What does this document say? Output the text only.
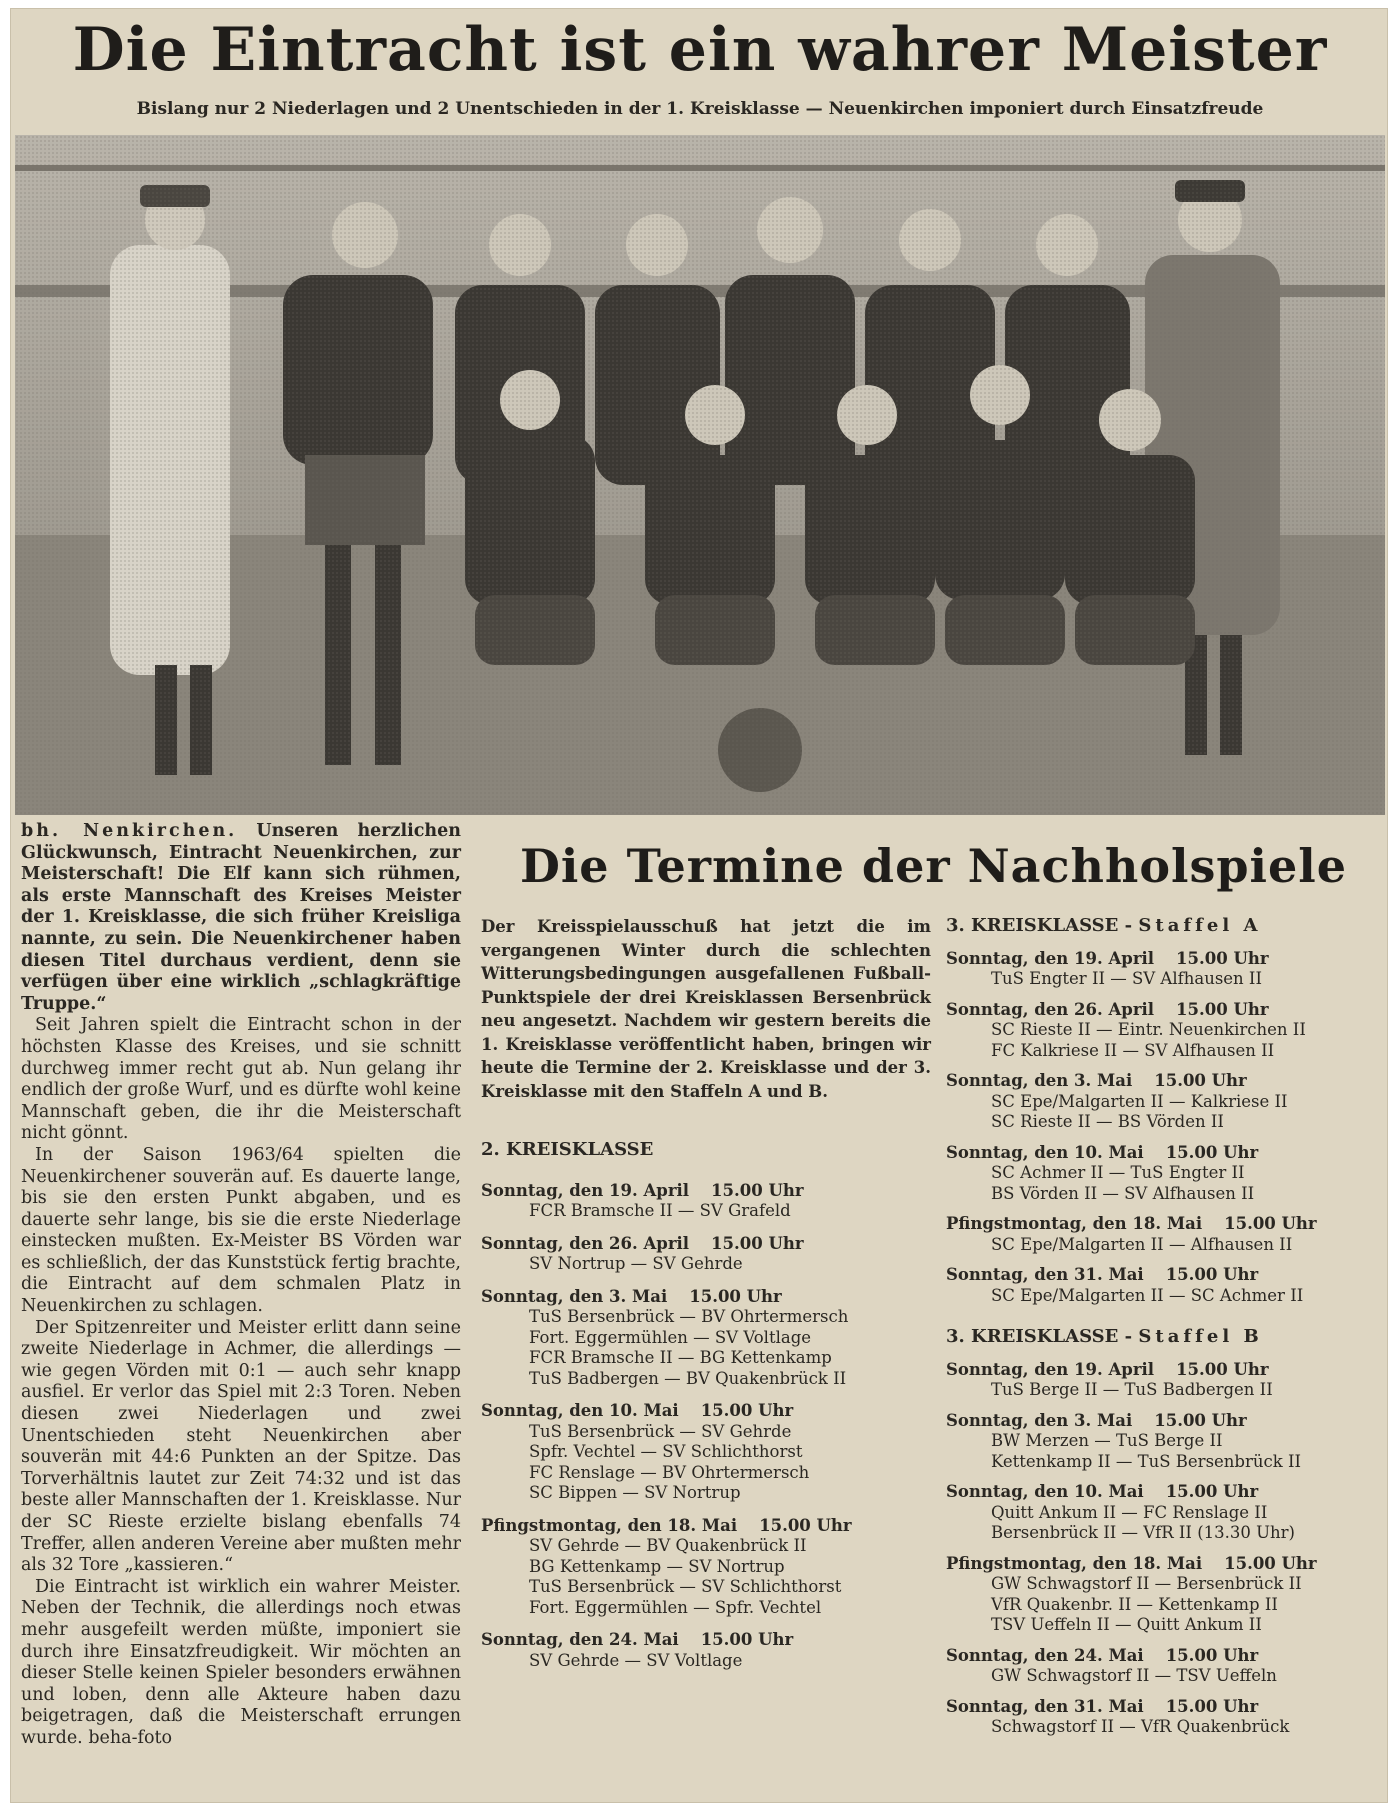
Die Eintracht ist ein wahrer Meister
Bislang nur 2 Niederlagen und 2 Unentschieden in der 1. Kreisklasse — Neuenkirchen imponiert durch Einsatzfreude

bh. Nenkirchen. Unseren herzlichen Glückwunsch, Eintracht Neuenkirchen, zur Meisterschaft! Die Elf kann sich rühmen, als erste Mannschaft des Kreises Meister der 1. Kreisklasse, die sich früher Kreisliga nannte, zu sein. Die Neuenkirchener haben diesen Titel durchaus verdient, denn sie verfügen über eine wirklich „schlagkräftige Truppe.“

Seit Jahren spielt die Eintracht schon in der höchsten Klasse des Kreises, und sie schnitt durchweg immer recht gut ab. Nun gelang ihr endlich der große Wurf, und es dürfte wohl keine Mannschaft geben, die ihr die Meisterschaft nicht gönnt.

In der Saison 1963/64 spielten die Neuenkirchener souverän auf. Es dauerte lange, bis sie den ersten Punkt abgaben, und es dauerte sehr lange, bis sie die erste Niederlage einstecken mußten. Ex-Meister BS Vörden war es schließlich, der das Kunststück fertig brachte, die Eintracht auf dem schmalen Platz in Neuenkirchen zu schlagen.

Der Spitzenreiter und Meister erlitt dann seine zweite Niederlage in Achmer, die allerdings — wie gegen Vörden mit 0:1 — auch sehr knapp ausfiel. Er verlor das Spiel mit 2:3 Toren. Neben diesen zwei Niederlagen und zwei Unentschieden steht Neuenkirchen aber souverän mit 44:6 Punkten an der Spitze. Das Torverhältnis lautet zur Zeit 74:32 und ist das beste aller Mannschaften der 1. Kreisklasse. Nur der SC Rieste erzielte bislang ebenfalls 74 Treffer, allen anderen Vereine aber mußten mehr als 32 Tore „kassieren.“

Die Eintracht ist wirklich ein wahrer Meister. Neben der Technik, die allerdings noch etwas mehr ausgefeilt werden müßte, imponiert sie durch ihre Einsatzfreudigkeit. Wir möchten an dieser Stelle keinen Spieler besonders erwähnen und loben, denn alle Akteure haben dazu beigetragen, daß die Meisterschaft errungen wurde. beha-foto

Die Termine der Nachholspiele

Der Kreisspielausschuß hat jetzt die im vergangenen Winter durch die schlechten Witterungsbedingungen ausgefallenen Fußball-Punktspiele der drei Kreisklassen Bersenbrück neu angesetzt. Nachdem wir gestern bereits die 1. Kreisklasse veröffentlicht haben, bringen wir heute die Termine der 2. Kreisklasse und der 3. Kreisklasse mit den Staffeln A und B.

2. KREISKLASSE
Sonntag, den 19. April 15.00 Uhr
FCR Bramsche II — SV Grafeld
Sonntag, den 26. April 15.00 Uhr
SV Nortrup — SV Gehrde
Sonntag, den 3. Mai 15.00 Uhr
TuS Bersenbrück — BV Ohrtermersch
Fort. Eggermühlen — SV Voltlage
FCR Bramsche II — BG Kettenkamp
TuS Badbergen — BV Quakenbrück II
Sonntag, den 10. Mai 15.00 Uhr
TuS Bersenbrück — SV Gehrde
Spfr. Vechtel — SV Schlichthorst
FC Renslage — BV Ohrtermersch
SC Bippen — SV Nortrup
Pfingstmontag, den 18. Mai 15.00 Uhr
SV Gehrde — BV Quakenbrück II
BG Kettenkamp — SV Nortrup
TuS Bersenbrück — SV Schlichthorst
Fort. Eggermühlen — Spfr. Vechtel
Sonntag, den 24. Mai 15.00 Uhr
SV Gehrde — SV Voltlage
3. KREISKLASSE - Staffel A
Sonntag, den 19. April 15.00 Uhr
TuS Engter II — SV Alfhausen II
Sonntag, den 26. April 15.00 Uhr
SC Rieste II — Eintr. Neuenkirchen II
FC Kalkriese II — SV Alfhausen II
Sonntag, den 3. Mai 15.00 Uhr
SC Epe/Malgarten II — Kalkriese II
SC Rieste II — BS Vörden II
Sonntag, den 10. Mai 15.00 Uhr
SC Achmer II — TuS Engter II
BS Vörden II — SV Alfhausen II
Pfingstmontag, den 18. Mai 15.00 Uhr
SC Epe/Malgarten II — Alfhausen II
Sonntag, den 31. Mai 15.00 Uhr
SC Epe/Malgarten II — SC Achmer II
3. KREISKLASSE - Staffel B
Sonntag, den 19. April 15.00 Uhr
TuS Berge II — TuS Badbergen II
Sonntag, den 3. Mai 15.00 Uhr
BW Merzen — TuS Berge II
Kettenkamp II — TuS Bersenbrück II
Sonntag, den 10. Mai 15.00 Uhr
Quitt Ankum II — FC Renslage II
Bersenbrück II — VfR II (13.30 Uhr)
Pfingstmontag, den 18. Mai 15.00 Uhr
GW Schwagstorf II — Bersenbrück II
VfR Quakenbr. II — Kettenkamp II
TSV Ueffeln II — Quitt Ankum II
Sonntag, den 24. Mai 15.00 Uhr
GW Schwagstorf II — TSV Ueffeln
Sonntag, den 31. Mai 15.00 Uhr
Schwagstorf II — VfR Quakenbrück
